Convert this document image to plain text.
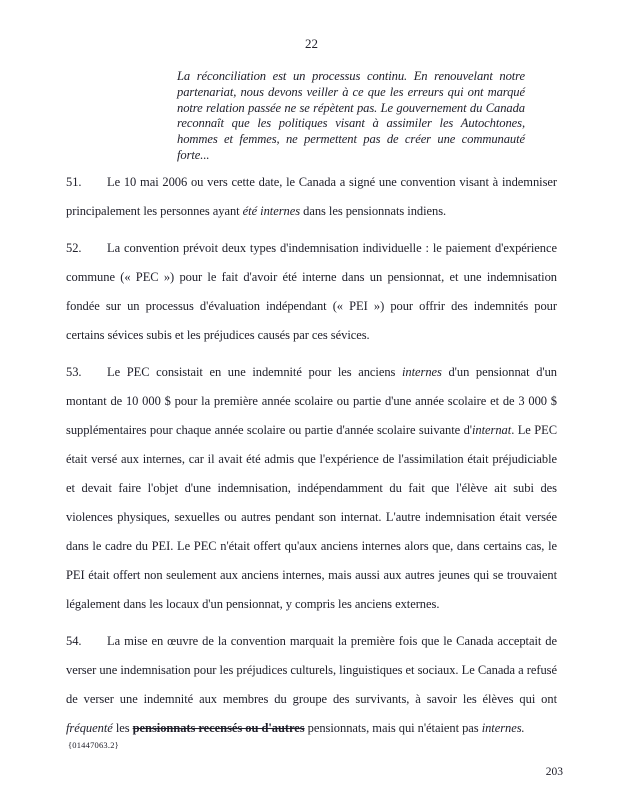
22
La réconciliation est un processus continu. En renouvelant notre partenariat, nous devons veiller à ce que les erreurs qui ont marqué notre relation passée ne se répètent pas. Le gouvernement du Canada reconnaît que les politiques visant à assimiler les Autochtones, hommes et femmes, ne permettent pas de créer une communauté forte...

51. Le 10 mai 2006 ou vers cette date, le Canada a signé une convention visant à indemniser principalement les personnes ayant été internes dans les pensionnats indiens.

52. La convention prévoit deux types d'indemnisation individuelle : le paiement d'expérience commune (« PEC ») pour le fait d'avoir été interne dans un pensionnat, et une indemnisation fondée sur un processus d'évaluation indépendant (« PEI ») pour offrir des indemnités pour certains sévices subis et les préjudices causés par ces sévices.

53. Le PEC consistait en une indemnité pour les anciens internes d'un pensionnat d'un montant de 10 000 $ pour la première année scolaire ou partie d'une année scolaire et de 3 000 $ supplémentaires pour chaque année scolaire ou partie d'année scolaire suivante d'internat. Le PEC était versé aux internes, car il avait été admis que l'expérience de l'assimilation était préjudiciable et devait faire l'objet d'une indemnisation, indépendamment du fait que l'élève ait subi des violences physiques, sexuelles ou autres pendant son internat. L'autre indemnisation était versée dans le cadre du PEI. Le PEC n'était offert qu'aux anciens internes alors que, dans certains cas, le PEI était offert non seulement aux anciens internes, mais aussi aux autres jeunes qui se trouvaient légalement dans les locaux d'un pensionnat, y compris les anciens externes.

54. La mise en œuvre de la convention marquait la première fois que le Canada acceptait de verser une indemnisation pour les préjudices culturels, linguistiques et sociaux. Le Canada a refusé de verser une indemnité aux membres du groupe des survivants, à savoir les élèves qui ont fréquenté les pensionnats recensés ou d'autres pensionnats, mais qui n'étaient pas internes.

{01447063.2}
203
